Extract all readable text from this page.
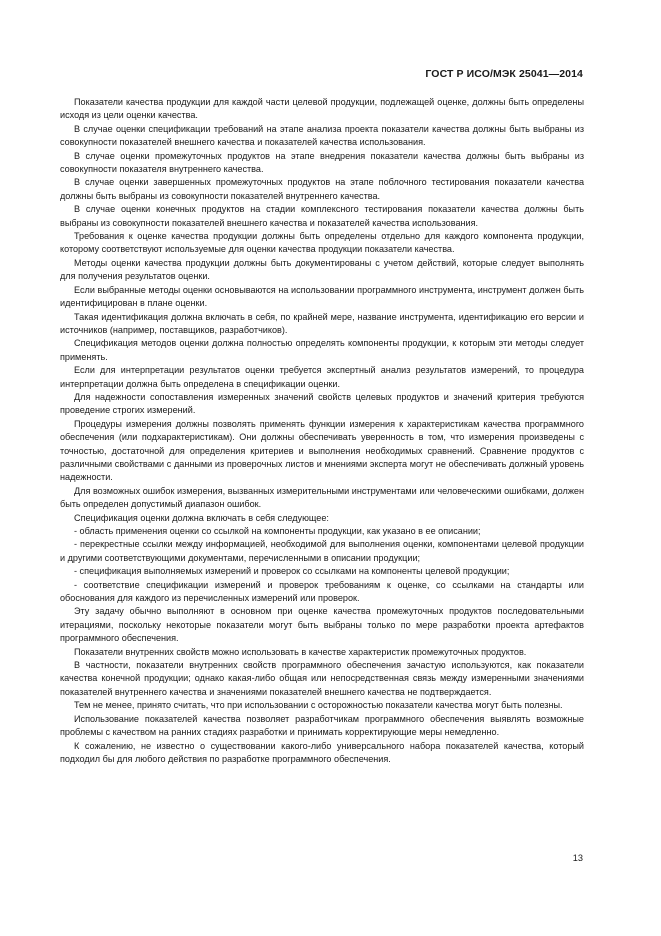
ГОСТ Р ИСО/МЭК 25041—2014

Показатели качества продукции для каждой части целевой продукции, подлежащей оценке, должны быть определены исходя из цели оценки качества.

В случае оценки спецификации требований на этапе анализа проекта показатели качества должны быть выбраны из совокупности показателей внешнего качества и показателей качества использования.

В случае оценки промежуточных продуктов на этапе внедрения показатели качества должны быть выбраны из совокупности показателя внутреннего качества.

В случае оценки завершенных промежуточных продуктов на этапе поблочного тестирования показатели качества должны быть выбраны из совокупности показателей внутреннего качества.

В случае оценки конечных продуктов на стадии комплексного тестирования показатели качества должны быть выбраны из совокупности показателей внешнего качества и показателей качества использования.

Требования к оценке качества продукции должны быть определены отдельно для каждого компонента продукции, которому соответствуют используемые для оценки качества продукции показатели качества.

Методы оценки качества продукции должны быть документированы с учетом действий, которые следует выполнять для получения результатов оценки.

Если выбранные методы оценки основываются на использовании программного инструмента, инструмент должен быть идентифицирован в плане оценки.

Такая идентификация должна включать в себя, по крайней мере, название инструмента, идентификацию его версии и источников (например, поставщиков, разработчиков).

Спецификация методов оценки должна полностью определять компоненты продукции, к которым эти методы следует применять.

Если для интерпретации результатов оценки требуется экспертный анализ результатов измерений, то процедура интерпретации должна быть определена в спецификации оценки.

Для надежности сопоставления измеренных значений свойств целевых продуктов и значений критерия требуются проведение строгих измерений.

Процедуры измерения должны позволять применять функции измерения к характеристикам качества программного обеспечения (или подхарактеристикам). Они должны обеспечивать уверенность в том, что измерения произведены с точностью, достаточной для определения критериев и выполнения необходимых сравнений. Сравнение продуктов с различными свойствами с данными из проверочных листов и мнениями эксперта могут не обеспечивать должный уровень надежности.

Для возможных ошибок измерения, вызванных измерительными инструментами или человеческими ошибками, должен быть определен допустимый диапазон ошибок.

Спецификация оценки должна включать в себя следующее:

- область применения оценки со ссылкой на компоненты продукции, как указано в ее описании;

- перекрестные ссылки между информацией, необходимой для выполнения оценки, компонентами целевой продукции и другими соответствующими документами, перечисленными в описании продукции;

- спецификация выполняемых измерений и проверок со ссылками на компоненты целевой продукции;

- соответствие спецификации измерений и проверок требованиям к оценке, со ссылками на стандарты или обоснования для каждого из перечисленных измерений или проверок.

Эту задачу обычно выполняют в основном при оценке качества промежуточных продуктов последовательными итерациями, поскольку некоторые показатели могут быть выбраны только по мере разработки проекта артефактов программного обеспечения.

Показатели внутренних свойств можно использовать в качестве характеристик промежуточных продуктов.

В частности, показатели внутренних свойств программного обеспечения зачастую используются, как показатели качества конечной продукции; однако какая-либо общая или непосредственная связь между измеренными значениями показателей внутреннего качества и значениями показателей внешнего качества не подтверждается.

Тем не менее, принято считать, что при использовании с осторожностью показатели качества могут быть полезны.

Использование показателей качества позволяет разработчикам программного обеспечения выявлять возможные проблемы с качеством на ранних стадиях разработки и принимать корректирующие меры немедленно.

К сожалению, не известно о существовании какого-либо универсального набора показателей качества, который подходил бы для любого действия по разработке программного обеспечения.

13
